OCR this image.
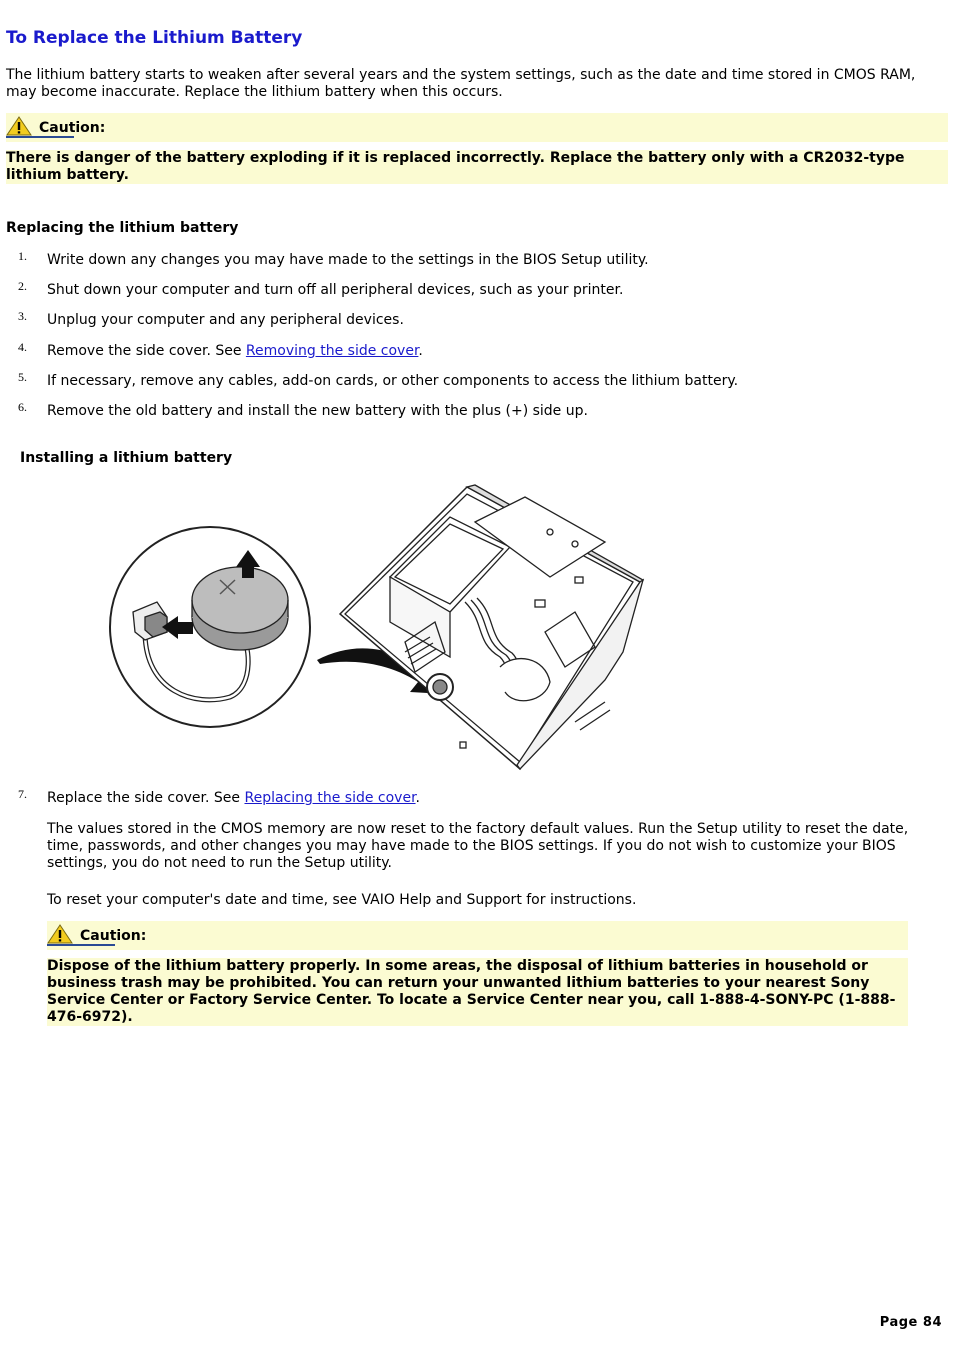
To Replace the Lithium Battery

The lithium battery starts to weaken after several years and the system settings, such as the date and time stored in CMOS RAM, may become inaccurate. Replace the lithium battery when this occurs.

Caution:

There is danger of the battery exploding if it is replaced incorrectly. Replace the battery only with a CR2032-type lithium battery.

Replacing the lithium battery

1. Write down any changes you may have made to the settings in the BIOS Setup utility.
2. Shut down your computer and turn off all peripheral devices, such as your printer.
3. Unplug your computer and any peripheral devices.
4. Remove the side cover. See Removing the side cover.
5. If necessary, remove any cables, add-on cards, or other components to access the lithium battery.
6. Remove the old battery and install the new battery with the plus (+) side up.

Installing a lithium battery

7. Replace the side cover. See Replacing the side cover.

The values stored in the CMOS memory are now reset to the factory default values. Run the Setup utility to reset the date, time, passwords, and other changes you may have made to the BIOS settings. If you do not wish to customize your BIOS settings, you do not need to run the Setup utility.

To reset your computer's date and time, see VAIO Help and Support for instructions.

Caution:

Dispose of the lithium battery properly. In some areas, the disposal of lithium batteries in household or business trash may be prohibited. You can return your unwanted lithium batteries to your nearest Sony Service Center or Factory Service Center. To locate a Service Center near you, call 1-888-4-SONY-PC (1-888-476-6972).

Page 84
